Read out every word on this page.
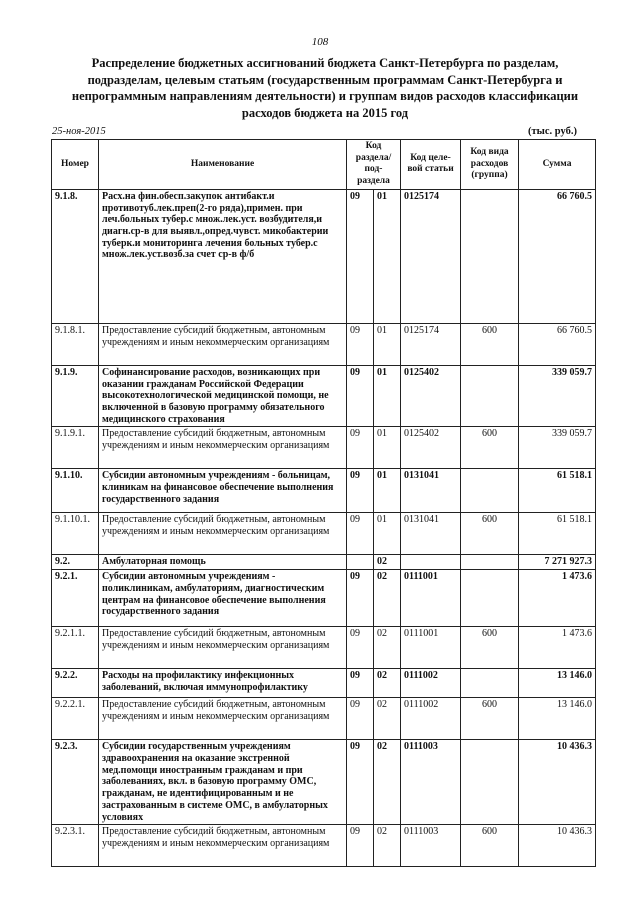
108
Распределение бюджетных ассигнований бюджета Санкт-Петербурга по разделам, подразделам, целевым статьям (государственным программам Санкт-Петербурга и непрограммным направлениям деятельности) и группам видов расходов классификации расходов бюджета на 2015 год
25-ноя-2015	(тыс. руб.)
Номер	Наименование	Код раздела/ под- раздела		Код целе- вой статьи	Код вида расходов (группа)	Сумма
9.1.8.	Расх.на фин.обесп.закупок антибакт.и противотуб.лек.преп(2-го ряда),примен. при леч.больных тубер.с множ.лек.уст. возбудителя,и диагн.ср-в для выявл.,опред.чувст. микобактерии туберк.и мониторинга лечения больных тубер.с множ.лек.уст.возб.за счет ср-в ф/б	09	01	0125174		66 760.5
9.1.8.1.	Предоставление субсидий бюджетным, автономным учреждениям и иным некоммерческим организациям	09	01	0125174	600	66 760.5
9.1.9.	Софинансирование расходов, возникающих при оказании гражданам Российской Федерации высокотехнологической медицинской помощи, не включенной в базовую программу обязательного медицинского страхования	09	01	0125402		339 059.7
9.1.9.1.	Предоставление субсидий бюджетным, автономным учреждениям и иным некоммерческим организациям	09	01	0125402	600	339 059.7
9.1.10.	Субсидии автономным учреждениям - больницам, клиникам на финансовое обеспечение выполнения государственного задания	09	01	0131041		61 518.1
9.1.10.1.	Предоставление субсидий бюджетным, автономным учреждениям и иным некоммерческим организациям	09	01	0131041	600	61 518.1
9.2.	Амбулаторная помощь		02			7 271 927.3
9.2.1.	Субсидии автономным учреждениям - поликлиникам, амбулаториям, диагностическим центрам на финансовое обеспечение выполнения государственного задания	09	02	0111001		1 473.6
9.2.1.1.	Предоставление субсидий бюджетным, автономным учреждениям и иным некоммерческим организациям	09	02	0111001	600	1 473.6
9.2.2.	Расходы на профилактику инфекционных заболеваний, включая иммунопрофилактику	09	02	0111002		13 146.0
9.2.2.1.	Предоставление субсидий бюджетным, автономным учреждениям и иным некоммерческим организациям	09	02	0111002	600	13 146.0
9.2.3.	Субсидии государственным учреждениям здравоохранения на оказание экстренной мед.помощи иностранным гражданам и при заболеваниях, вкл. в базовую программу ОМС, гражданам, не идентифицированным и не застрахованным в системе ОМС, в амбулаторных условиях	09	02	0111003		10 436.3
9.2.3.1.	Предоставление субсидий бюджетным, автономным учреждениям и иным некоммерческим организациям	09	02	0111003	600	10 436.3
